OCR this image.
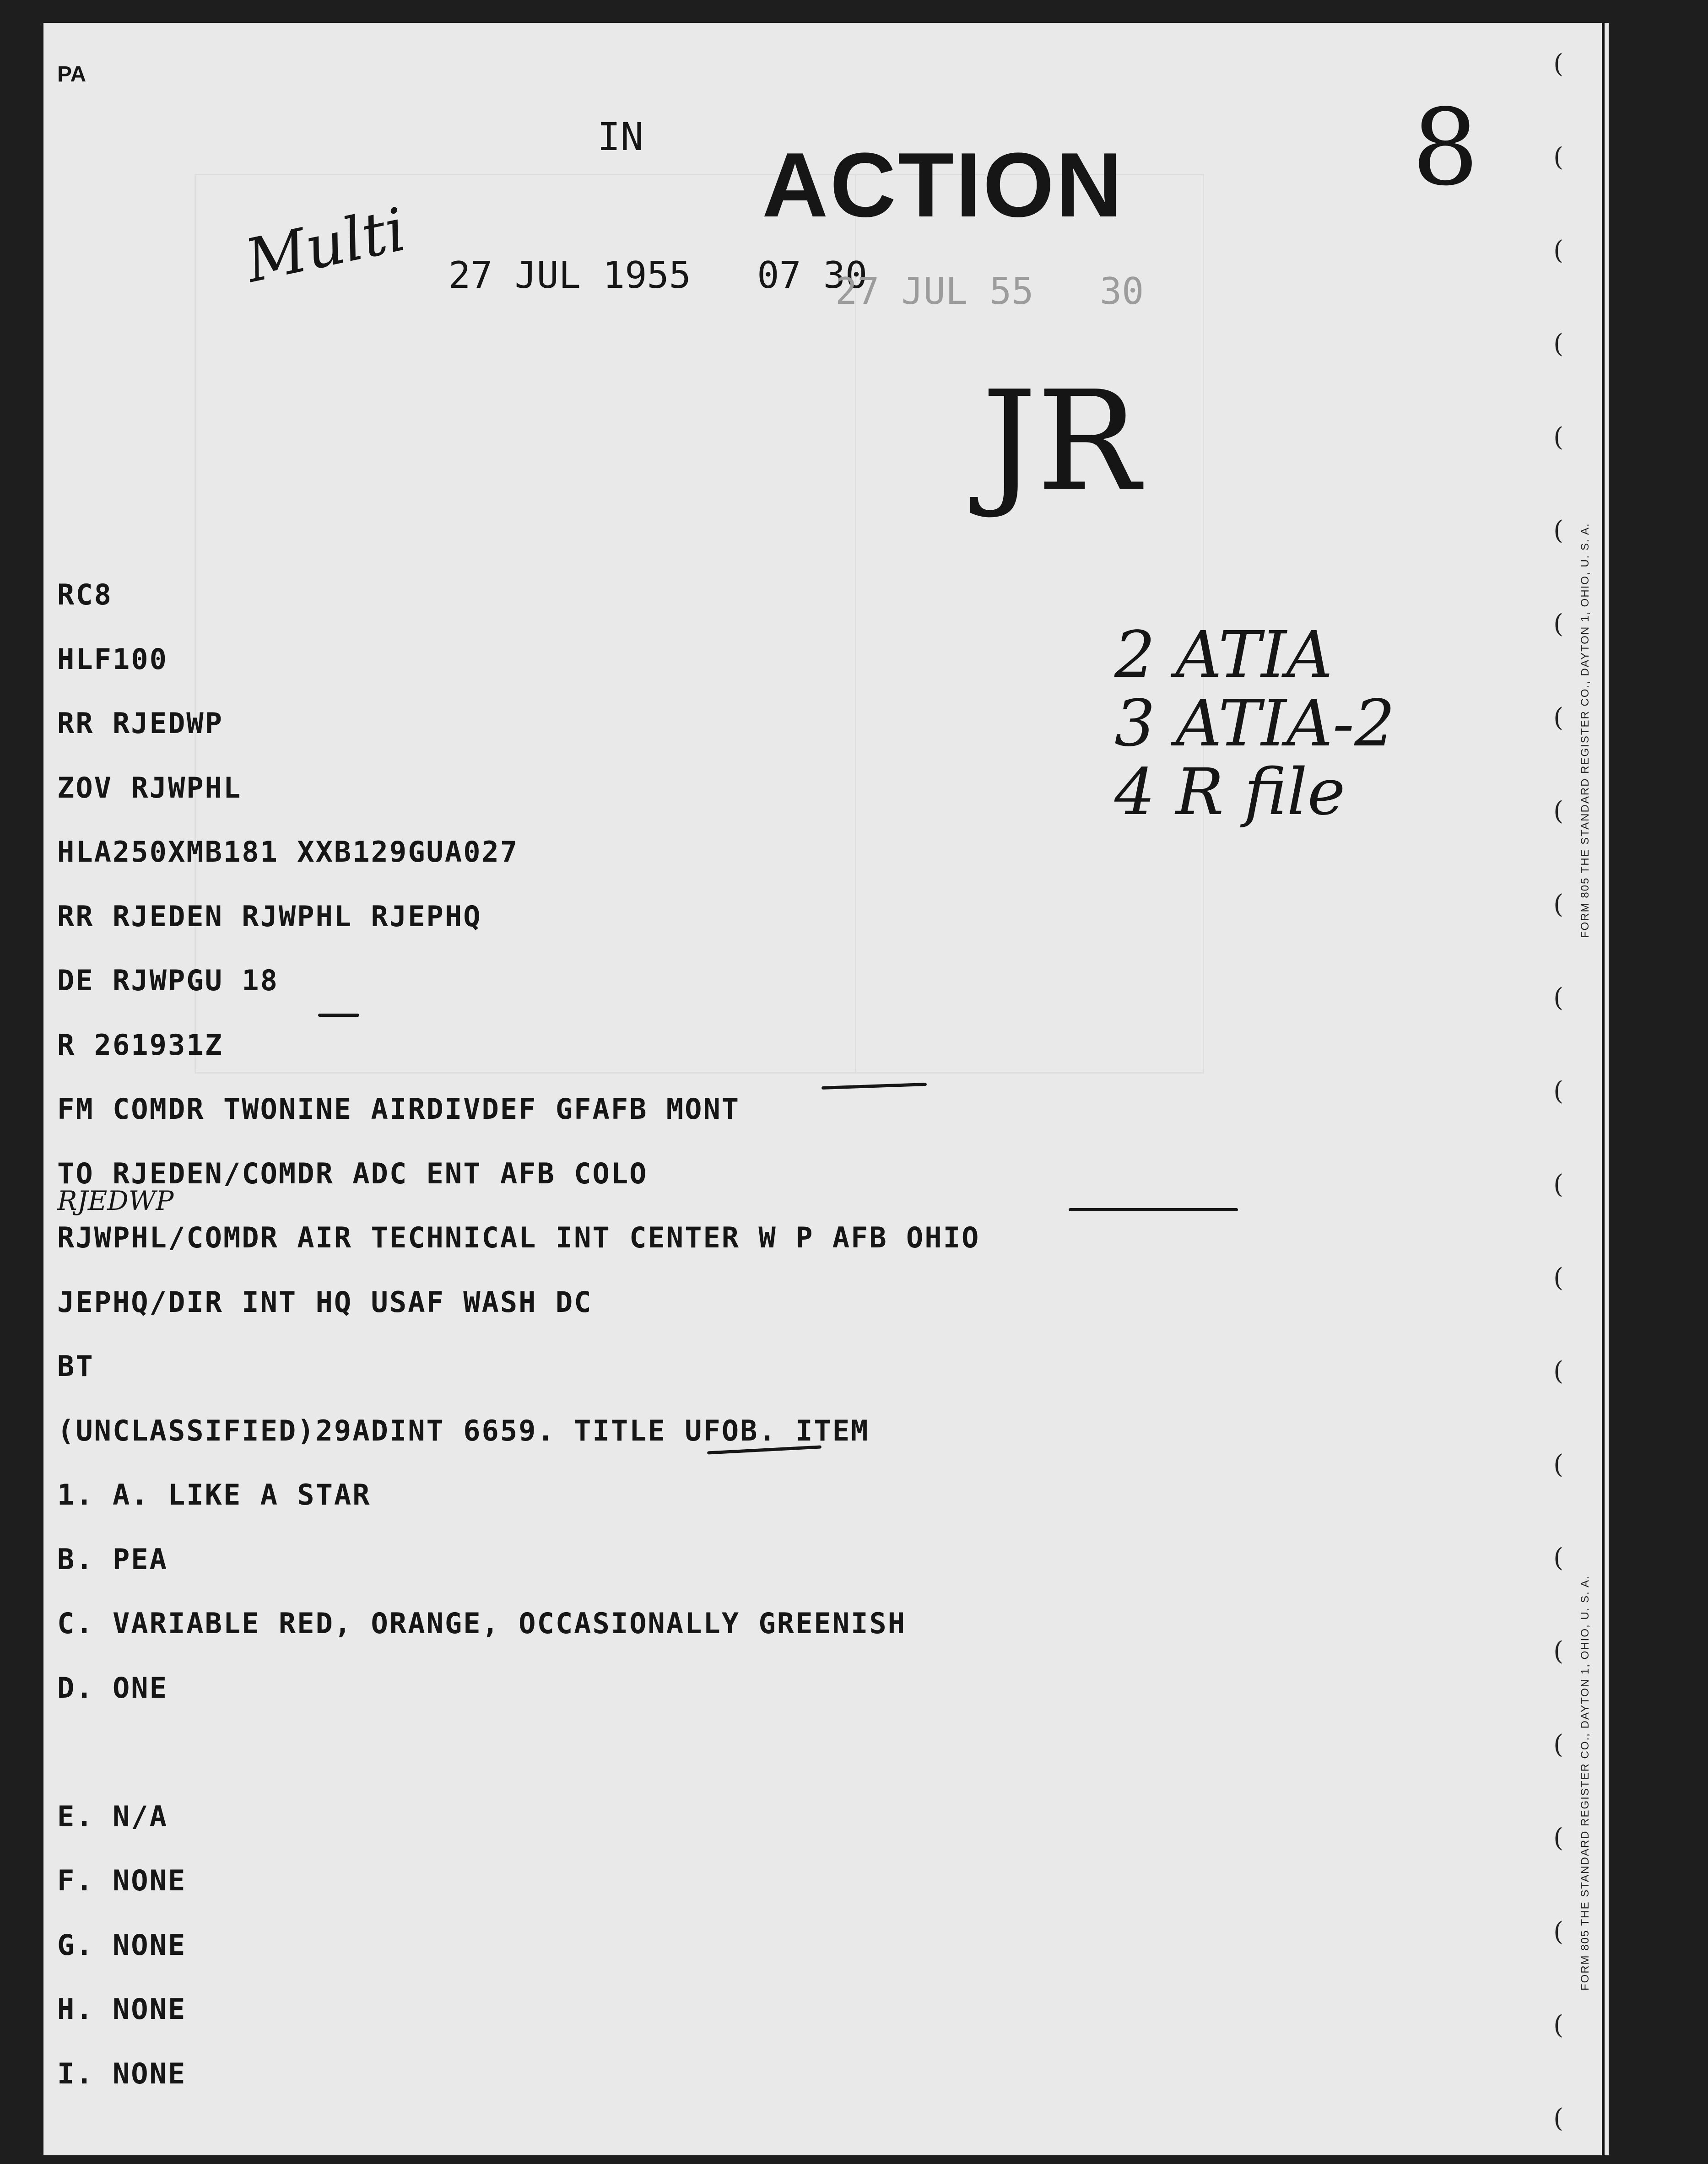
PA
IN ACTION
27 JUL 1955   07 30
27 JUL 55   30
8
Multi
JR
2 ATIA
3 ATIA-2
4 R file
RJEDWP
RC8
HLF100
RR RJEDWP
ZOV RJWPHL
HLA250XMB181 XXB129GUA027
RR RJEDEN RJWPHL RJEPHQ
DE RJWPGU 18
R 261931Z
FM COMDR TWONINE AIRDIVDEF GFAFB MONT
TO RJEDEN/COMDR ADC ENT AFB COLO
RJWPHL/COMDR AIR TECHNICAL INT CENTER W P AFB OHIO
JEPHQ/DIR INT HQ USAF WASH DC
BT
(UNCLASSIFIED)29ADINT 6659. TITLE UFOB. ITEM
1. A. LIKE A STAR
B. PEA
C. VARIABLE RED, ORANGE, OCCASIONALLY GREENISH
D. ONE
E. N/A
F. NONE
G. NONE
H. NONE
I. NONE
(
(
(
(
(
(
(
(
(
(
(
(
(
(
(
(
(
(
(
(
(
(
(
FORM 805 THE STANDARD REGISTER CO., DAYTON 1, OHIO, U. S. A.
FORM 805 THE STANDARD REGISTER CO., DAYTON 1, OHIO, U. S. A.
